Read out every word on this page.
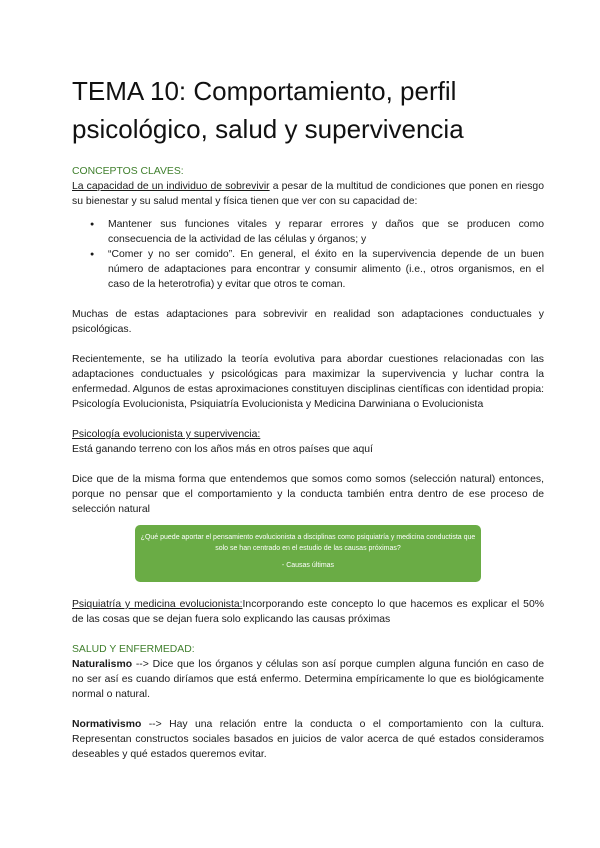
TEMA 10: Comportamiento, perfil psicológico, salud y supervivencia
CONCEPTOS CLAVES:

La capacidad de un individuo de sobrevivir a pesar de la multitud de condiciones que ponen en riesgo su bienestar y su salud mental y física tienen que ver con su capacidad de:

● Mantener sus funciones vitales y reparar errores y daños que se producen como consecuencia de la actividad de las células y órganos; y
● “Comer y no ser comido”. En general, el éxito en la supervivencia depende de un buen número de adaptaciones para encontrar y consumir alimento (i.e., otros organismos, en el caso de la heterotrofia) y evitar que otros te coman.

Muchas de estas adaptaciones para sobrevivir en realidad son adaptaciones conductuales y psicológicas.

Recientemente, se ha utilizado la teoría evolutiva para abordar cuestiones relacionadas con las adaptaciones conductuales y psicológicas para maximizar la supervivencia y luchar contra la enfermedad. Algunos de estas aproximaciones constituyen disciplinas científicas con identidad propia: Psicología Evolucionista, Psiquiatría Evolucionista y Medicina Darwiniana o Evolucionista

Psicología evolucionista y supervivencia:

Está ganando terreno con los años más en otros países que aquí

Dice que de la misma forma que entendemos que somos como somos (selección natural) entonces, porque no pensar que el comportamiento y la conducta también entra dentro de ese proceso de selección natural

¿Qué puede aportar el pensamiento evolucionista a disciplinas como psiquiatría y medicina conductista que solo se han centrado en el estudio de las causas próximas?
- Causas últimas

Psiquiatría y medicina evolucionista:Incorporando este concepto lo que hacemos es explicar el 50% de las cosas que se dejan fuera solo explicando las causas próximas

SALUD Y ENFERMEDAD:

Naturalismo --> Dice que los órganos y células son así porque cumplen alguna función en caso de no ser así es cuando diríamos que está enfermo. Determina empíricamente lo que es biológicamente normal o natural.

Normativismo --> Hay una relación entre la conducta o el comportamiento con la cultura. Representan constructos sociales basados en juicios de valor acerca de qué estados consideramos deseables y qué estados queremos evitar.
